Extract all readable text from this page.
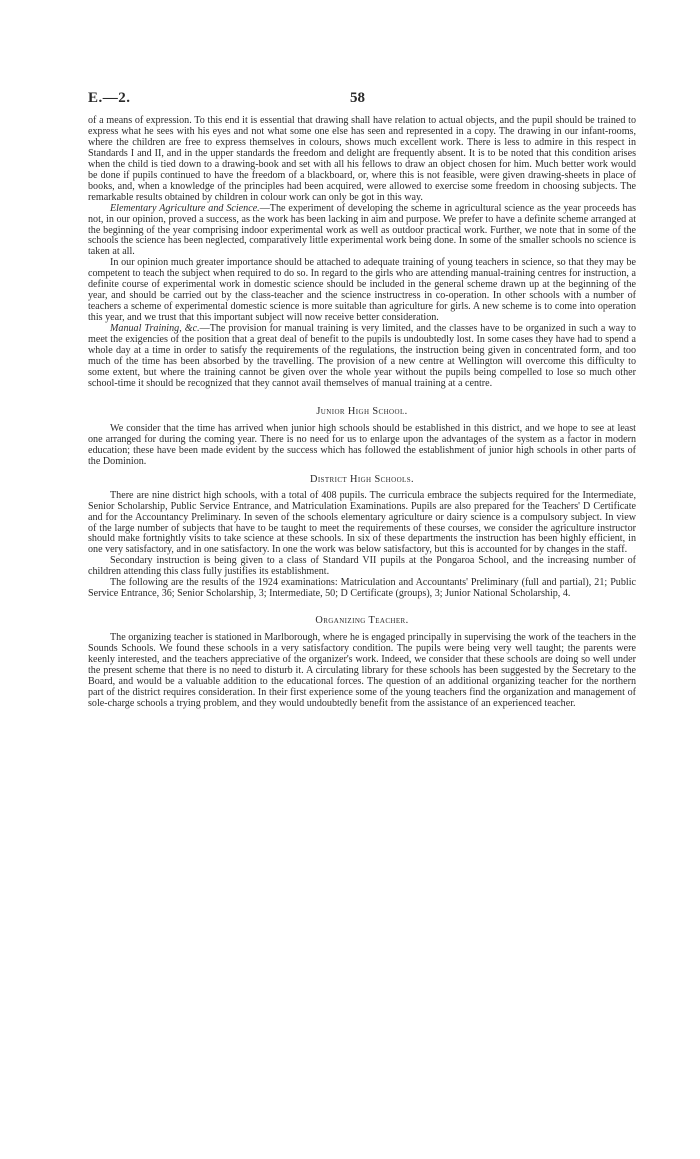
E.—2.	58

of a means of expression. To this end it is essential that drawing shall have relation to actual objects, and the pupil should be trained to express what he sees with his eyes and not what some one else has seen and represented in a copy. The drawing in our infant-rooms, where the children are free to express themselves in colours, shows much excellent work. There is less to admire in this respect in Standards I and II, and in the upper standards the freedom and delight are frequently absent. It is to be noted that this condition arises when the child is tied down to a drawing-book and set with all his fellows to draw an object chosen for him. Much better work would be done if pupils continued to have the freedom of a blackboard, or, where this is not feasible, were given drawing-sheets in place of books, and, when a knowledge of the principles had been acquired, were allowed to exercise some freedom in choosing subjects. The remarkable results obtained by children in colour work can only be got in this way.

Elementary Agriculture and Science.—The experiment of developing the scheme in agricultural science as the year proceeds has not, in our opinion, proved a success, as the work has been lacking in aim and purpose. We prefer to have a definite scheme arranged at the beginning of the year comprising indoor experimental work as well as outdoor practical work. Further, we note that in some of the schools the science has been neglected, comparatively little experimental work being done. In some of the smaller schools no science is taken at all.

In our opinion much greater importance should be attached to adequate training of young teachers in science, so that they may be competent to teach the subject when required to do so. In regard to the girls who are attending manual-training centres for instruction, a definite course of experimental work in domestic science should be included in the general scheme drawn up at the beginning of the year, and should be carried out by the class-teacher and the science instructress in co-operation. In other schools with a number of teachers a scheme of experimental domestic science is more suitable than agriculture for girls. A new scheme is to come into operation this year, and we trust that this important subject will now receive better consideration.

Manual Training, &c.—The provision for manual training is very limited, and the classes have to be organized in such a way to meet the exigencies of the position that a great deal of benefit to the pupils is undoubtedly lost. In some cases they have had to spend a whole day at a time in order to satisfy the requirements of the regulations, the instruction being given in concentrated form, and too much of the time has been absorbed by the travelling. The provision of a new centre at Wellington will overcome this difficulty to some extent, but where the training cannot be given over the whole year without the pupils being compelled to lose so much other school-time it should be recognized that they cannot avail themselves of manual training at a centre.

Junior High School.

We consider that the time has arrived when junior high schools should be established in this district, and we hope to see at least one arranged for during the coming year. There is no need for us to enlarge upon the advantages of the system as a factor in modern education; these have been made evident by the success which has followed the establishment of junior high schools in other parts of the Dominion.

District High Schools.

There are nine district high schools, with a total of 408 pupils. The curricula embrace the subjects required for the Intermediate, Senior Scholarship, Public Service Entrance, and Matriculation Examinations. Pupils are also prepared for the Teachers' D Certificate and for the Accountancy Preliminary. In seven of the schools elementary agriculture or dairy science is a compulsory subject. In view of the large number of subjects that have to be taught to meet the requirements of these courses, we consider the agriculture instructor should make fortnightly visits to take science at these schools. In six of these departments the instruction has been highly efficient, in one very satisfactory, and in one satisfactory. In one the work was below satisfactory, but this is accounted for by changes in the staff.

Secondary instruction is being given to a class of Standard VII pupils at the Pongaroa School, and the increasing number of children attending this class fully justifies its establishment.

The following are the results of the 1924 examinations: Matriculation and Accountants' Preliminary (full and partial), 21; Public Service Entrance, 36; Senior Scholarship, 3; Intermediate, 50; D Certificate (groups), 3; Junior National Scholarship, 4.

Organizing Teacher.

The organizing teacher is stationed in Marlborough, where he is engaged principally in supervising the work of the teachers in the Sounds Schools. We found these schools in a very satisfactory condition. The pupils were being very well taught; the parents were keenly interested, and the teachers appreciative of the organizer's work. Indeed, we consider that these schools are doing so well under the present scheme that there is no need to disturb it. A circulating library for these schools has been suggested by the Secretary to the Board, and would be a valuable addition to the educational forces. The question of an additional organizing teacher for the northern part of the district requires consideration. In their first experience some of the young teachers find the organization and management of sole-charge schools a trying problem, and they would undoubtedly benefit from the assistance of an experienced teacher.
